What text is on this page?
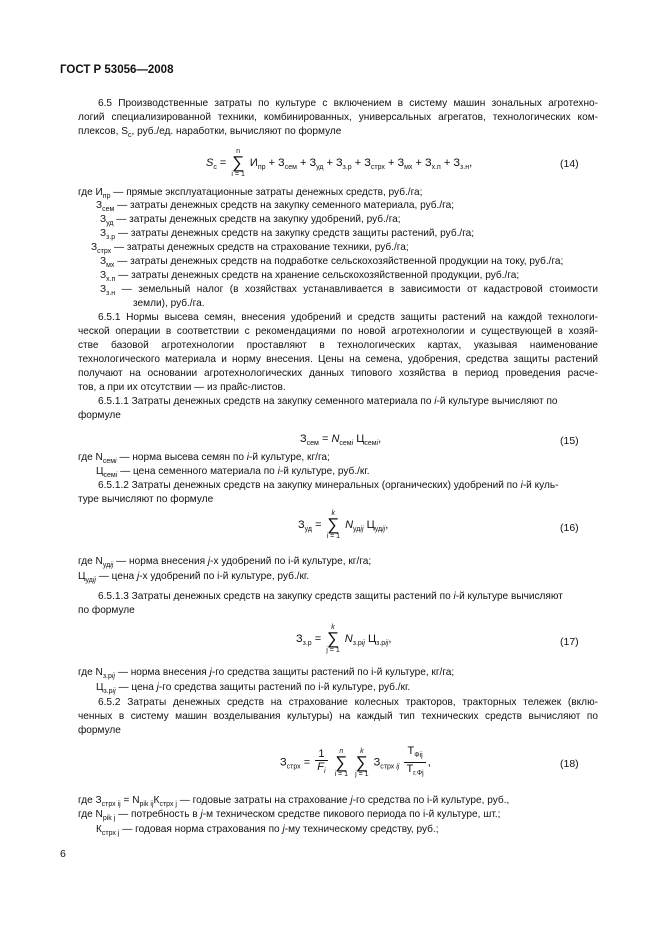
ГОСТ Р 53056—2008
6.5 Производственные затраты по культуре с включением в систему машин зональных агротехно-
логий специализированной техники, комбинированных, универсальных агрегатов, технологических ком-
плексов, $S_с$, руб./ед. наработки, вычисляют по формуле
$S_с$ =
n
∑
i = 1
$И_{пр} + З_{сем} + З_{уд} + З_{з.р} + З_{стрх} + З_{мх} + З_{х.п} + З_{з.н}$,	(14)
где $И_{пр}$ — прямые эксплуатационные затраты денежных средств, руб./га;
$З_{сем}$ — затраты денежных средств на закупку семенного материала, руб./га;
$З_{уд}$ — затраты денежных средств на закупку удобрений, руб./га;
$З_{з.р}$ — затраты денежных средств на закупку средств защиты растений, руб./га;
$З_{стрх}$ — затраты денежных средств на страхование техники, руб./га;
$З_{мх}$ — затраты денежных средств на подработке сельскохозяйственной продукции на току, руб./га;
$З_{х.п}$ — затраты денежных средств на хранение сельскохозяйственной продукции, руб./га;
$З_{з.н}$ — земельный налог (в хозяйствах устанавливается в зависимости от кадастровой стоимости
земли), руб./га.
6.5.1 Нормы высева семян, внесения удобрений и средств защиты растений на каждой технологи-
ческой операции в соответствии с рекомендациями по новой агротехнологии и существующей в хозяй-
стве базовой агротехнологии проставляют в технологических картах, указывая наименование
технологического материала и норму внесения. Цены на семена, удобрения, средства защиты растений
получают на основании агротехнологических данных типового хозяйства в период проведения расче-
тов, а при их отсутствии — из прайс-листов.
6.5.1.1 Затраты денежных средств на закупку семенного материала по i-й культуре вычисляют по
формуле
$З_{сем} = N_{семi}$ $Ц_{семi}$,	(15)
где $N_{семi}$ — норма высева семян по i-й культуре, кг/га;
$Ц_{семi}$ — цена семенного материала по i-й культуре, руб./кг.
6.5.1.2 Затраты денежных средств на закупку минеральных (органических) удобрений по i-й куль-
туре вычисляют по формуле
$З_{уд}$ =
k
∑
i = 1
$N_{удij}$ $Ц_{удij}$,	(16)
где $N_{удij}$ — норма внесения j-х удобрений по i-й культуре, кг/га;
$Ц_{удij}$ — цена j-х удобрений по i-й культуре, руб./кг.
6.5.1.3 Затраты денежных средств на закупку средств защиты растений по i-й культуре вычисляют
по формуле
$З_{з.р}$ =
k
∑
j = 1
$N_{з.рij}$ $Ц_{з.рij}$,	(17)
где $N_{з.рij}$ — норма внесения j-го средства защиты растений по i-й культуре, кг/га;
$Ц_{з.рij}$ — цена j-го средства защиты растений по i-й культуре, руб./кг.
6.5.2 Затраты денежных средств на страхование колесных тракторов, тракторных тележек (вклю-
ченных в систему машин возделывания культуры) на каждый тип технических средств вычисляют по
формуле
$З_{стрх} = \frac{1}{F_i}$
	n
∑
i = 1

k
∑
j = 1
$З_{стрх ij} \frac{Т_{Фij}}{Т_{г.Фj}}$ ,	(18)
где $З_{стрх ij} = N_{pik ij}К_{стрх j}$ — годовые затраты на страхование j-го средства по i-й культуре, руб.,
где $N_{pik j}$ — потребность в j-м техническом средстве пикового периода по i-й культуре, шт.;
$К_{стрх j}$ — годовая норма страхования по j-му техническому средству, руб.;
6
